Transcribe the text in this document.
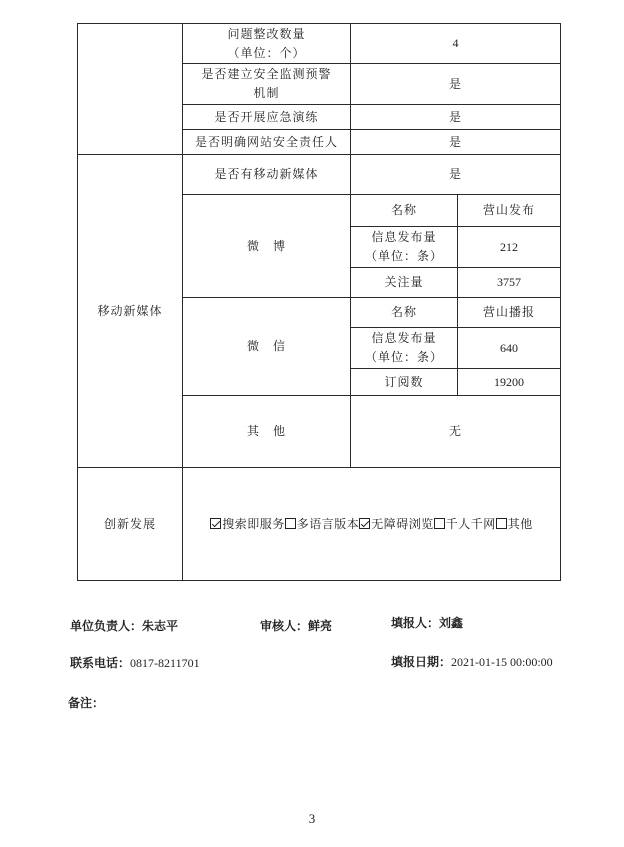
	问题整改数量
（单位：个）	4	
	是否建立安全监测预警
机制	是	
	是否开展应急演练	是	
	是否明确网站安全责任人	是	
移动新媒体	是否有移动新媒体	是	
	微　博	名称	营山发布
		信息发布量
（单位：条）	212
		关注量	3757
	微　信	名称	营山播报
		信息发布量
（单位：条）	640
		订阅数	19200
	其　他	无	
创新发展	搜索即服务 多语言版本 无障碍浏览 千人千网 其他		
单位负责人：朱志平	审核人：鲜亮	填报人：刘鑫
联系电话：0817-8211701	填报日期：2021-01-15 00:00:00
备注：
3
